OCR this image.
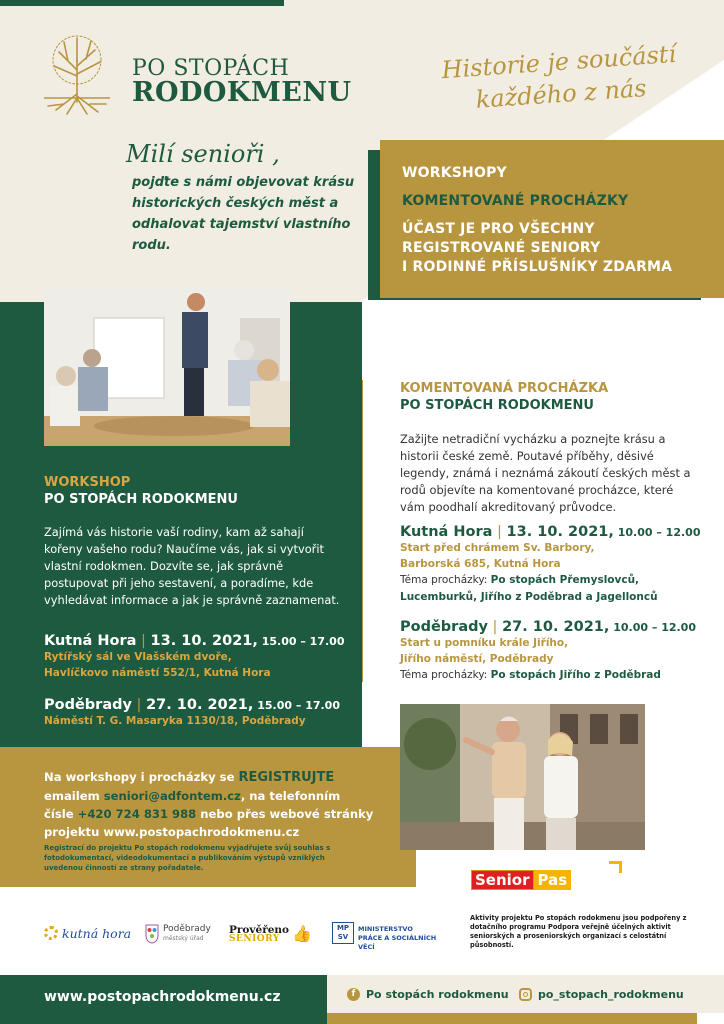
PO STOPÁCH
RODOKMENU
Historie je součástí
každého z nás
Milí senioři ,
pojďte s námi objevovat krásu historických českých měst a odhalovat tajemství vlastního rodu.
WORKSHOPY
KOMENTOVANÉ PROCHÁZKY
ÚČAST JE PRO VŠECHNY
REGISTROVANÉ SENIORY
I RODINNÉ PŘÍSLUŠNÍKY ZDARMA
WORKSHOP
PO STOPÁCH RODOKMENU
Zajímá vás historie vaší rodiny, kam až sahají kořeny vašeho rodu? Naučíme vás, jak si vytvořit vlastní rodokmen. Dozvíte se, jak správně postupovat při jeho sestavení, a poradíme, kde vyhledávat informace a jak je správně zaznamenat.
Kutná Hora | 13. 10. 2021, 15.00 – 17.00
Rytířský sál ve Vlašském dvoře,
Havlíčkovo náměstí 552/1, Kutná Hora
Poděbrady | 27. 10. 2021, 15.00 – 17.00
Náměstí T. G. Masaryka 1130/18, Poděbrady
KOMENTOVANÁ PROCHÁZKA
PO STOPÁCH RODOKMENU
Zažijte netradiční vycházku a poznejte krásu a historii české země. Poutavé příběhy, děsivé legendy, známá i neznámá zákoutí českých měst a rodů objevíte na komentované procházce, které vám poodhalí akreditovaný průvodce.
Kutná Hora | 13. 10. 2021, 10.00 – 12.00
Start před chrámem Sv. Barbory,
Barborská 685, Kutná Hora
Téma procházky: Po stopách Přemyslovců,
Lucemburků, Jiřího z Poděbrad a Jagellonců
Poděbrady | 27. 10. 2021, 10.00 – 12.00
Start u pomníku krále Jiřího,
Jiřího náměstí, Poděbrady
Téma procházky: Po stopách Jiřího z Poděbrad
Na workshopy i procházky se REGISTRUJTE
emailem seniori@adfontem.cz, na telefonním
čísle +420 724 831 988 nebo přes webové stránky
projektu www.postopachrodokmenu.cz
Registrací do projektu Po stopách rodokmenu vyjadřujete svůj souhlas s fotodokumentací, videodokumentací a publikováním výstupů vzniklých uvedenou činností ze strany pořadatele.
Senior Pas
kutná hora	Poděbrady
městský úřad
Prověřeno
SENIORY 👍	MP SV
MINISTERSTVO PRÁCE A SOCIÁLNÍCH VĚCÍ
Aktivity projektu Po stopách rodokmenu jsou podpořeny z dotačního programu Podpora veřejně účelných aktivit seniorských a proseniorských organizací s celostátní působností.
www.postopachrodokmenu.cz	f Po stopách rodokmenu	po_stopach_rodokmenu
